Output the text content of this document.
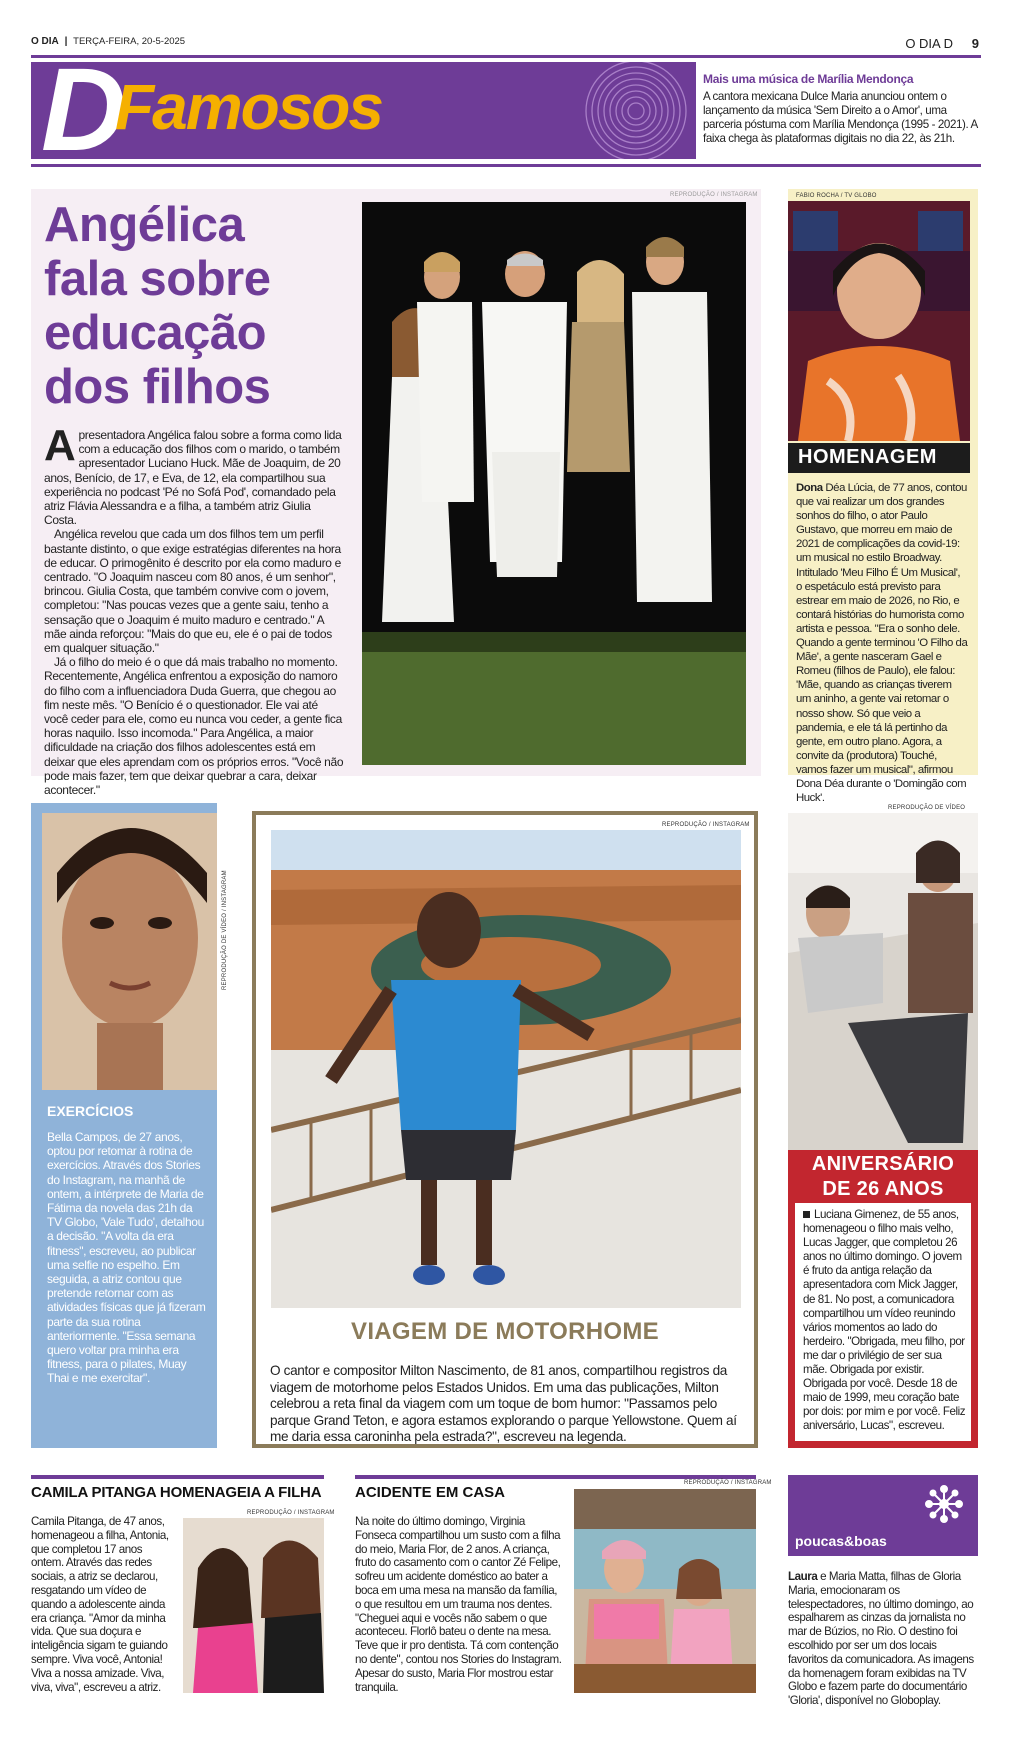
O DIA | TERÇA-FEIRA, 20-5-2025	O DIA D 9
D
Famosos	Mais uma música de Marília Mendonça
A cantora mexicana Dulce Maria anunciou ontem o lançamento da música 'Sem Direito a o Amor', uma parceria póstuma com Marília Mendonça (1995 - 2021). A faixa chega às plataformas digitais no dia 22, às 21h.
Angélica fala sobre educação dos filhos

A presentadora Angélica falou sobre a forma como lida com a educação dos filhos com o marido, o também apresentador Luciano Huck. Mãe de Joaquim, de 20 anos, Benício, de 17, e Eva, de 12, ela compartilhou sua experiência no podcast 'Pé no Sofá Pod', comandado pela atriz Flávia Alessandra e a filha, a também atriz Giulia Costa.

Angélica revelou que cada um dos filhos tem um perfil bastante distinto, o que exige estratégias diferentes na hora de educar. O primogênito é descrito por ela como maduro e centrado. "O Joaquim nasceu com 80 anos, é um senhor", brincou. Giulia Costa, que também convive com o jovem, completou: "Nas poucas vezes que a gente saiu, tenho a sensação que o Joaquim é muito maduro e centrado." A mãe ainda reforçou: "Mais do que eu, ele é o pai de todos em qualquer situação."

Já o filho do meio é o que dá mais trabalho no momento. Recentemente, Angélica enfrentou a exposição do namoro do filho com a influenciadora Duda Guerra, que chegou ao fim neste mês. "O Benício é o questionador. Ele vai até você ceder para ele, como eu nunca vou ceder, a gente fica horas naquilo. Isso incomoda." Para Angélica, a maior dificuldade na criação dos filhos adolescentes está em deixar que eles aprendam com os próprios erros. "Você não pode mais fazer, tem que deixar quebrar a cara, deixar acontecer."

REPRODUÇÃO / INSTAGRAM	FABIO ROCHA / TV GLOBO
HOMENAGEM
Dona Déa Lúcia, de 77 anos, contou que vai realizar um dos grandes sonhos do filho, o ator Paulo Gustavo, que morreu em maio de 2021 de complicações da covid-19: um musical no estilo Broadway. Intitulado 'Meu Filho É Um Musical', o espetáculo está previsto para estrear em maio de 2026, no Rio, e contará histórias do humorista como artista e pessoa. "Era o sonho dele. Quando a gente terminou 'O Filho da Mãe', a gente nasceram Gael e Romeu (filhos de Paulo), ele falou: 'Mãe, quando as crianças tiverem um aninho, a gente vai retomar o nosso show. Só que veio a pandemia, e ele tá lá pertinho da gente, em outro plano. Agora, a convite da (produtora) Touché, vamos fazer um musical", afirmou Dona Déa durante o 'Domingão com Huck'.
REPRODUÇÃO DE VÍDEO / INSTAGRAM
EXERCÍCIOS
Bella Campos, de 27 anos, optou por retomar à rotina de exercícios. Através dos Stories do Instagram, na manhã de ontem, a intérprete de Maria de Fátima da novela das 21h da TV Globo, 'Vale Tudo', detalhou a decisão. "A volta da era fitness", escreveu, ao publicar uma selfie no espelho. Em seguida, a atriz contou que pretende retornar com as atividades físicas que já fizeram parte da sua rotina anteriormente. "Essa semana quero voltar pra minha era fitness, para o pilates, Muay Thai e me exercitar".
REPRODUÇÃO / INSTAGRAM
VIAGEM DE MOTORHOME
O cantor e compositor Milton Nascimento, de 81 anos, compartilhou registros da viagem de motorhome pelos Estados Unidos. Em uma das publicações, Milton celebrou a reta final da viagem com um toque de bom humor: "Passamos pelo parque Grand Teton, e agora estamos explorando o parque Yellowstone. Quem aí me daria essa caroninha pela estrada?", escreveu na legenda.
REPRODUÇÃO DE VÍDEO
ANIVERSÁRIO
DE 26 ANOS
Luciana Gimenez, de 55 anos, homenageou o filho mais velho, Lucas Jagger, que completou 26 anos no último domingo. O jovem é fruto da antiga relação da apresentadora com Mick Jagger, de 81. No post, a comunicadora compartilhou um vídeo reunindo vários momentos ao lado do herdeiro. "Obrigada, meu filho, por me dar o privilégio de ser sua mãe. Obrigada por existir. Obrigada por você. Desde 18 de maio de 1999, meu coração bate por dois: por mim e por você. Feliz aniversário, Lucas", escreveu.
CAMILA PITANGA HOMENAGEIA A FILHA
Camila Pitanga, de 47 anos, homenageou a filha, Antonia, que completou 17 anos ontem. Através das redes sociais, a atriz se declarou, resgatando um vídeo de quando a adolescente ainda era criança. "Amor da minha vida. Que sua doçura e inteligência sigam te guiando sempre. Viva você, Antonia! Viva a nossa amizade. Viva, viva, viva", escreveu a atriz.
REPRODUÇÃO / INSTAGRAM
ACIDENTE EM CASA
Na noite do último domingo, Virginia Fonseca compartilhou um susto com a filha do meio, Maria Flor, de 2 anos. A criança, fruto do casamento com o cantor Zé Felipe, sofreu um acidente doméstico ao bater a boca em uma mesa na mansão da família, o que resultou em um trauma nos dentes. "Cheguei aqui e vocês não sabem o que aconteceu. Florlô bateu o dente na mesa. Teve que ir pro dentista. Tá com contenção no dente", contou nos Stories do Instagram. Apesar do susto, Maria Flor mostrou estar tranquila.
REPRODUÇÃO / INSTAGRAM
poucas&boas
Laura e Maria Matta, filhas de Gloria Maria, emocionaram os telespectadores, no último domingo, ao espalharem as cinzas da jornalista no mar de Búzios, no Rio. O destino foi escolhido por ser um dos locais favoritos da comunicadora. As imagens da homenagem foram exibidas na TV Globo e fazem parte do documentário 'Gloria', disponível no Globoplay.
